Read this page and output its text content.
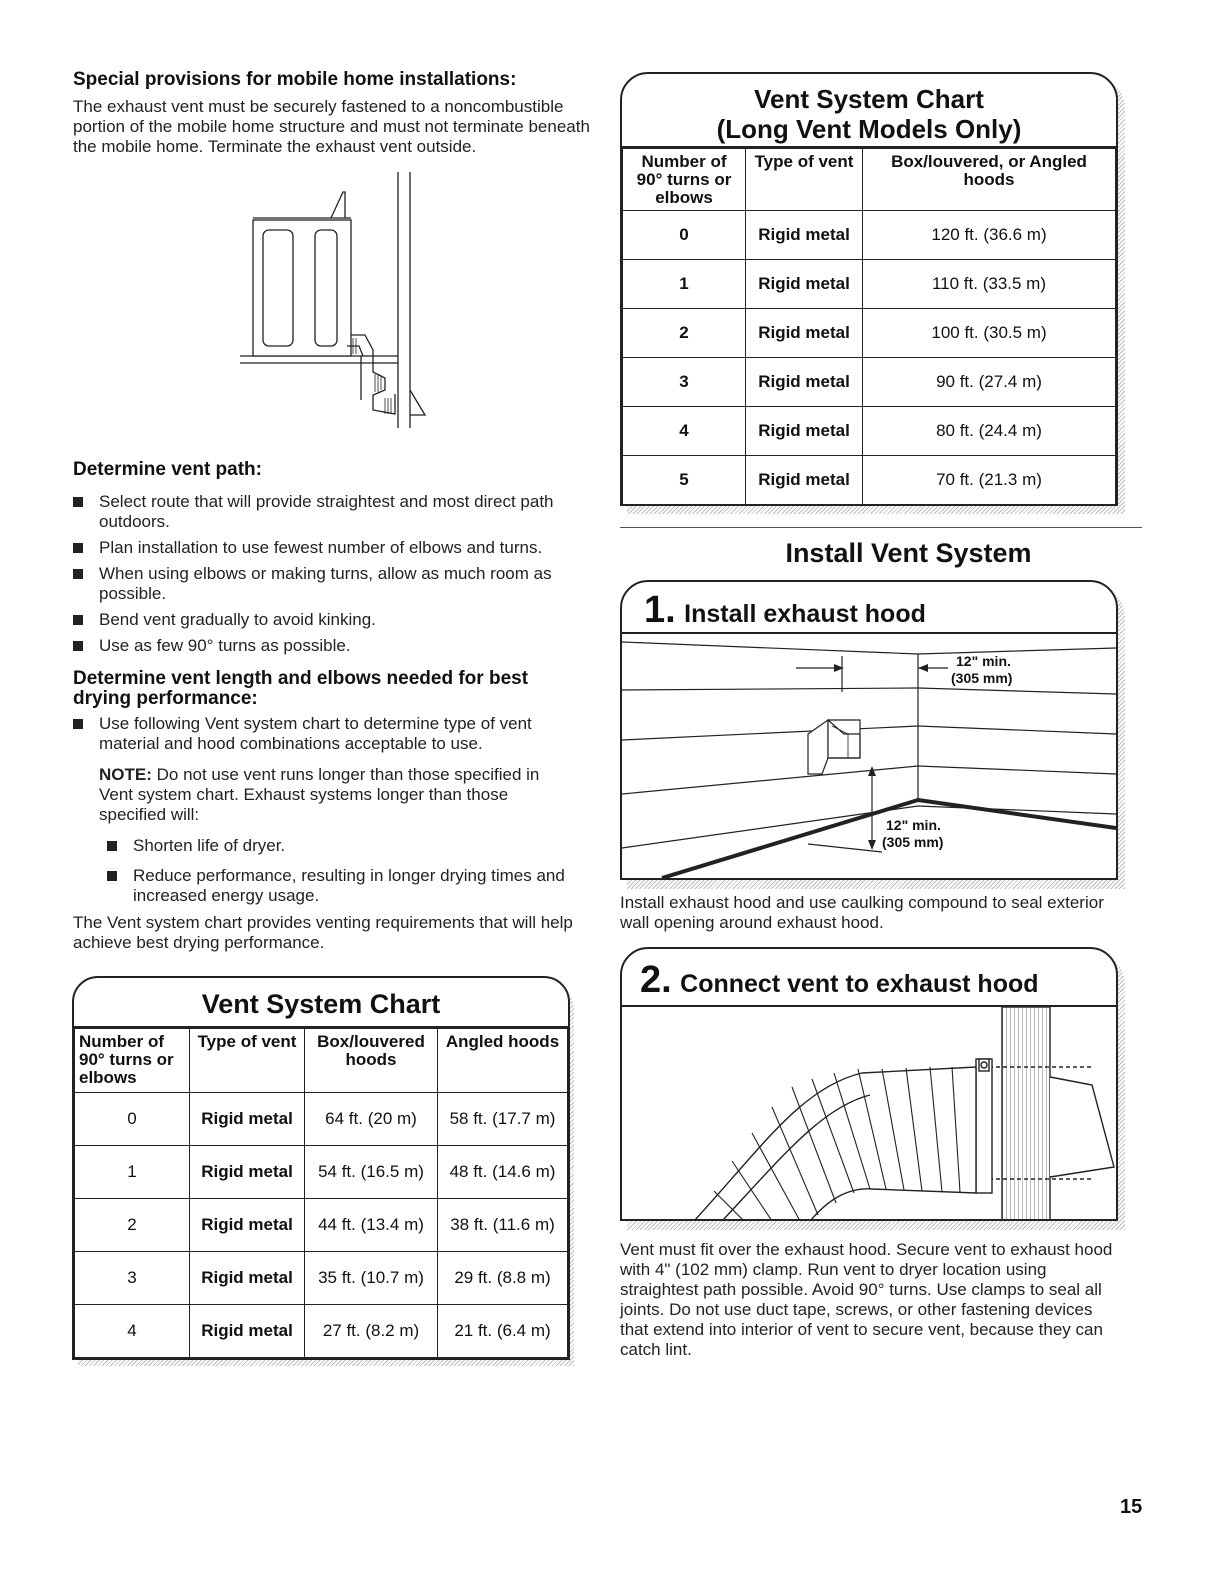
Special provisions for mobile home installations:
The exhaust vent must be securely fastened to a noncombustible portion of the mobile home structure and must not terminate beneath the mobile home. Terminate the exhaust vent outside.
Determine vent path:
Select route that will provide straightest and most direct path outdoors.
Plan installation to use fewest number of elbows and turns.
When using elbows or making turns, allow as much room as possible.
Bend vent gradually to avoid kinking.
Use as few 90° turns as possible.
Determine vent length and elbows needed for best drying performance:
Use following Vent system chart to determine type of vent material and hood combinations acceptable to use.
NOTE: Do not use vent runs longer than those specified in Vent system chart. Exhaust systems longer than those specified will:
Shorten life of dryer.
Reduce performance, resulting in longer drying times and increased energy usage.
The Vent system chart provides venting requirements that will help achieve best drying performance.
Vent System Chart
Number of 90° turns or elbows	Type of vent	Box/louvered hoods	Angled hoods
0	Rigid metal	64 ft. (20 m)	58 ft. (17.7 m)
1	Rigid metal	54 ft. (16.5 m)	48 ft. (14.6 m)
2	Rigid metal	44 ft. (13.4 m)	38 ft. (11.6 m)
3	Rigid metal	35 ft. (10.7 m)	29 ft. (8.8 m)
4	Rigid metal	27 ft. (8.2 m)	21 ft. (6.4 m)
Vent System Chart
(Long Vent Models Only)
Number of 90° turns or elbows	Type of vent	Box/louvered, or Angled hoods
0	Rigid metal	120 ft. (36.6 m)
1	Rigid metal	110 ft. (33.5 m)
2	Rigid metal	100 ft. (30.5 m)
3	Rigid metal	90 ft. (27.4 m)
4	Rigid metal	80 ft. (24.4 m)
5	Rigid metal	70 ft. (21.3 m)
Install Vent System
1. Install exhaust hood
12" min.
(305 mm)
12" min.
(305 mm)
Install exhaust hood and use caulking compound to seal exterior wall opening around exhaust hood.
2. Connect vent to exhaust hood
Vent must fit over the exhaust hood. Secure vent to exhaust hood with 4" (102 mm) clamp. Run vent to dryer location using straightest path possible. Avoid 90° turns. Use clamps to seal all joints. Do not use duct tape, screws, or other fastening devices that extend into interior of vent to secure vent, because they can catch lint.
15
